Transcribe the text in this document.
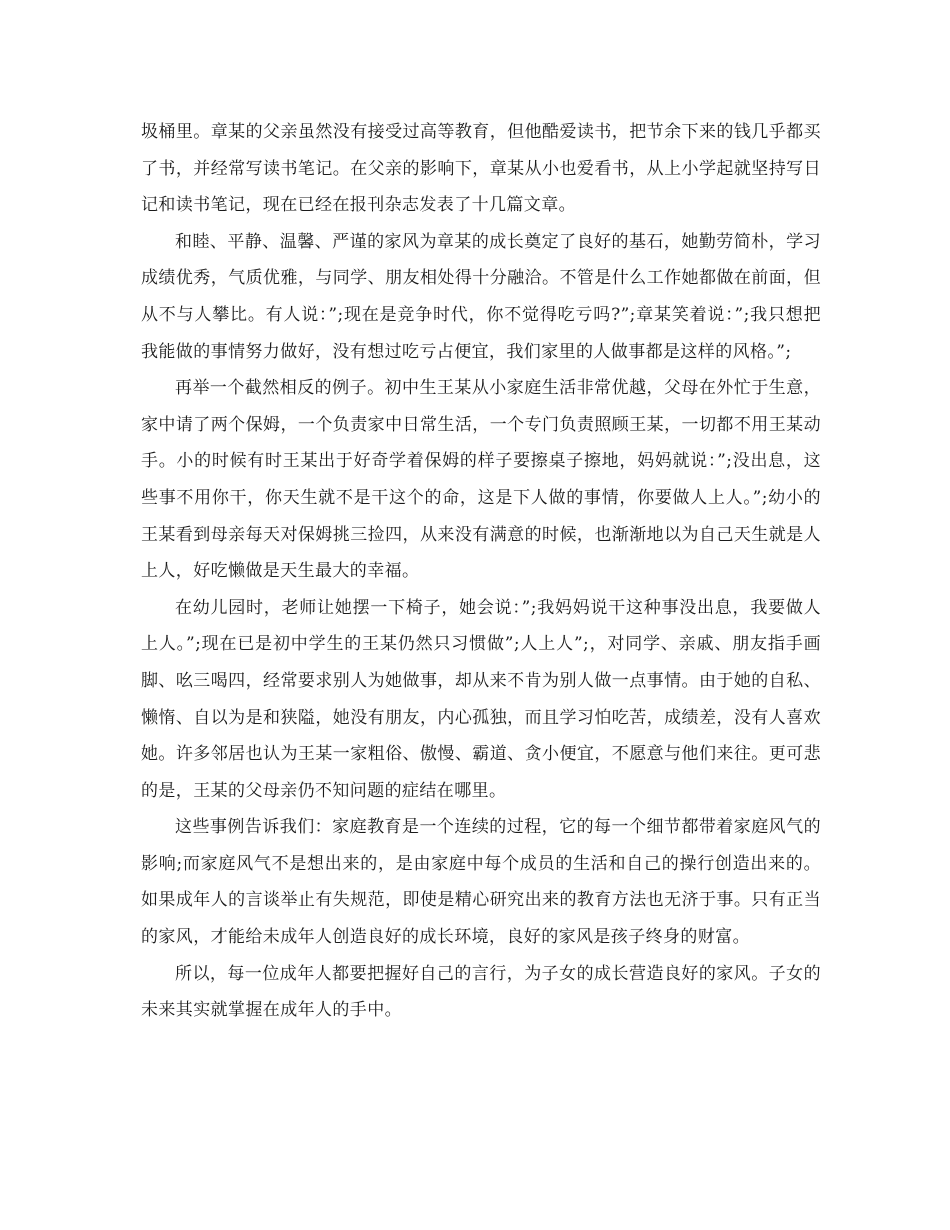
圾桶里。章某的父亲虽然没有接受过高等教育，但他酷爱读书，把节余下来的钱几乎都买了书，并经常写读书笔记。在父亲的影响下，章某从小也爱看书，从上小学起就坚持写日记和读书笔记，现在已经在报刊杂志发表了十几篇文章。

和睦、平静、温馨、严谨的家风为章某的成长奠定了良好的基石，她勤劳简朴，学习成绩优秀，气质优雅，与同学、朋友相处得十分融洽。不管是什么工作她都做在前面，但从不与人攀比。有人说：”;现在是竞争时代，你不觉得吃亏吗?”;章某笑着说：”;我只想把我能做的事情努力做好，没有想过吃亏占便宜，我们家里的人做事都是这样的风格。”;

再举一个截然相反的例子。初中生王某从小家庭生活非常优越，父母在外忙于生意，家中请了两个保姆，一个负责家中日常生活，一个专门负责照顾王某，一切都不用王某动手。小的时候有时王某出于好奇学着保姆的样子要擦桌子擦地，妈妈就说：”;没出息，这些事不用你干，你天生就不是干这个的命，这是下人做的事情，你要做人上人。”;幼小的王某看到母亲每天对保姆挑三捡四，从来没有满意的时候，也渐渐地以为自己天生就是人上人，好吃懒做是天生最大的幸福。

在幼儿园时，老师让她摆一下椅子，她会说：”;我妈妈说干这种事没出息，我要做人上人。”;现在已是初中学生的王某仍然只习惯做”;人上人”;，对同学、亲戚、朋友指手画脚、吆三喝四，经常要求别人为她做事，却从来不肯为别人做一点事情。由于她的自私、懒惰、自以为是和狭隘，她没有朋友，内心孤独，而且学习怕吃苦，成绩差，没有人喜欢她。许多邻居也认为王某一家粗俗、傲慢、霸道、贪小便宜，不愿意与他们来往。更可悲的是，王某的父母亲仍不知问题的症结在哪里。

这些事例告诉我们：家庭教育是一个连续的过程，它的每一个细节都带着家庭风气的影响;而家庭风气不是想出来的，是由家庭中每个成员的生活和自己的操行创造出来的。如果成年人的言谈举止有失规范，即使是精心研究出来的教育方法也无济于事。只有正当的家风，才能给未成年人创造良好的成长环境，良好的家风是孩子终身的财富。

所以，每一位成年人都要把握好自己的言行，为子女的成长营造良好的家风。子女的未来其实就掌握在成年人的手中。
